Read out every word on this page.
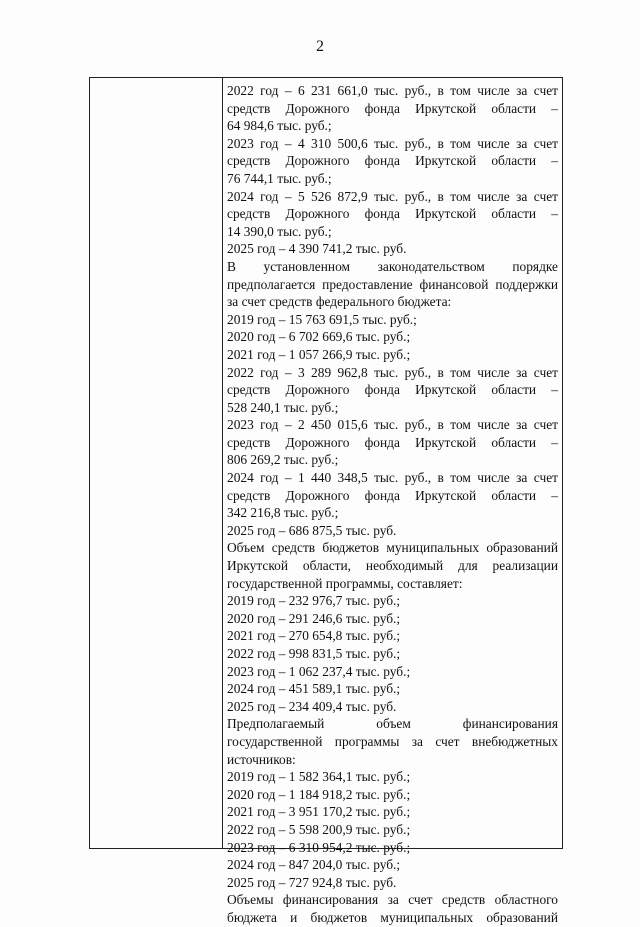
2
2022 год – 6 231 661,0 тыс. руб., в том числе за счет
средств Дорожного фонда Иркутской области –
64 984,6 тыс. руб.;
2023 год – 4 310 500,6 тыс. руб., в том числе за счет
средств Дорожного фонда Иркутской области –
76 744,1 тыс. руб.;
2024 год – 5 526 872,9 тыс. руб., в том числе за счет
средств Дорожного фонда Иркутской области –
14 390,0 тыс. руб.;
2025 год – 4 390 741,2 тыс. руб.
В установленном законодательством порядке
предполагается предоставление финансовой поддержки
за счет средств федерального бюджета:
2019 год – 15 763 691,5 тыс. руб.;
2020 год – 6 702 669,6 тыс. руб.;
2021 год – 1 057 266,9 тыс. руб.;
2022 год – 3 289 962,8 тыс. руб., в том числе за счет
средств Дорожного фонда Иркутской области –
528 240,1 тыс. руб.;
2023 год – 2 450 015,6 тыс. руб., в том числе за счет
средств Дорожного фонда Иркутской области –
806 269,2 тыс. руб.;
2024 год – 1 440 348,5 тыс. руб., в том числе за счет
средств Дорожного фонда Иркутской области –
342 216,8 тыс. руб.;
2025 год – 686 875,5 тыс. руб.
Объем средств бюджетов муниципальных образований
Иркутской области, необходимый для реализации
государственной программы, составляет:
2019 год – 232 976,7 тыс. руб.;
2020 год – 291 246,6 тыс. руб.;
2021 год – 270 654,8 тыс. руб.;
2022 год – 998 831,5 тыс. руб.;
2023 год – 1 062 237,4 тыс. руб.;
2024 год – 451 589,1 тыс. руб.;
2025 год – 234 409,4 тыс. руб.
Предполагаемый объем финансирования
государственной программы за счет внебюджетных
источников:
2019 год – 1 582 364,1 тыс. руб.;
2020 год – 1 184 918,2 тыс. руб.;
2021 год – 3 951 170,2 тыс. руб.;
2022 год – 5 598 200,9 тыс. руб.;
2023 год – 6 310 954,2 тыс. руб.;
2024 год – 847 204,0 тыс. руб.;
2025 год – 727 924,8 тыс. руб.
Объемы финансирования за счет средств областного
бюджета и бюджетов муниципальных образований
